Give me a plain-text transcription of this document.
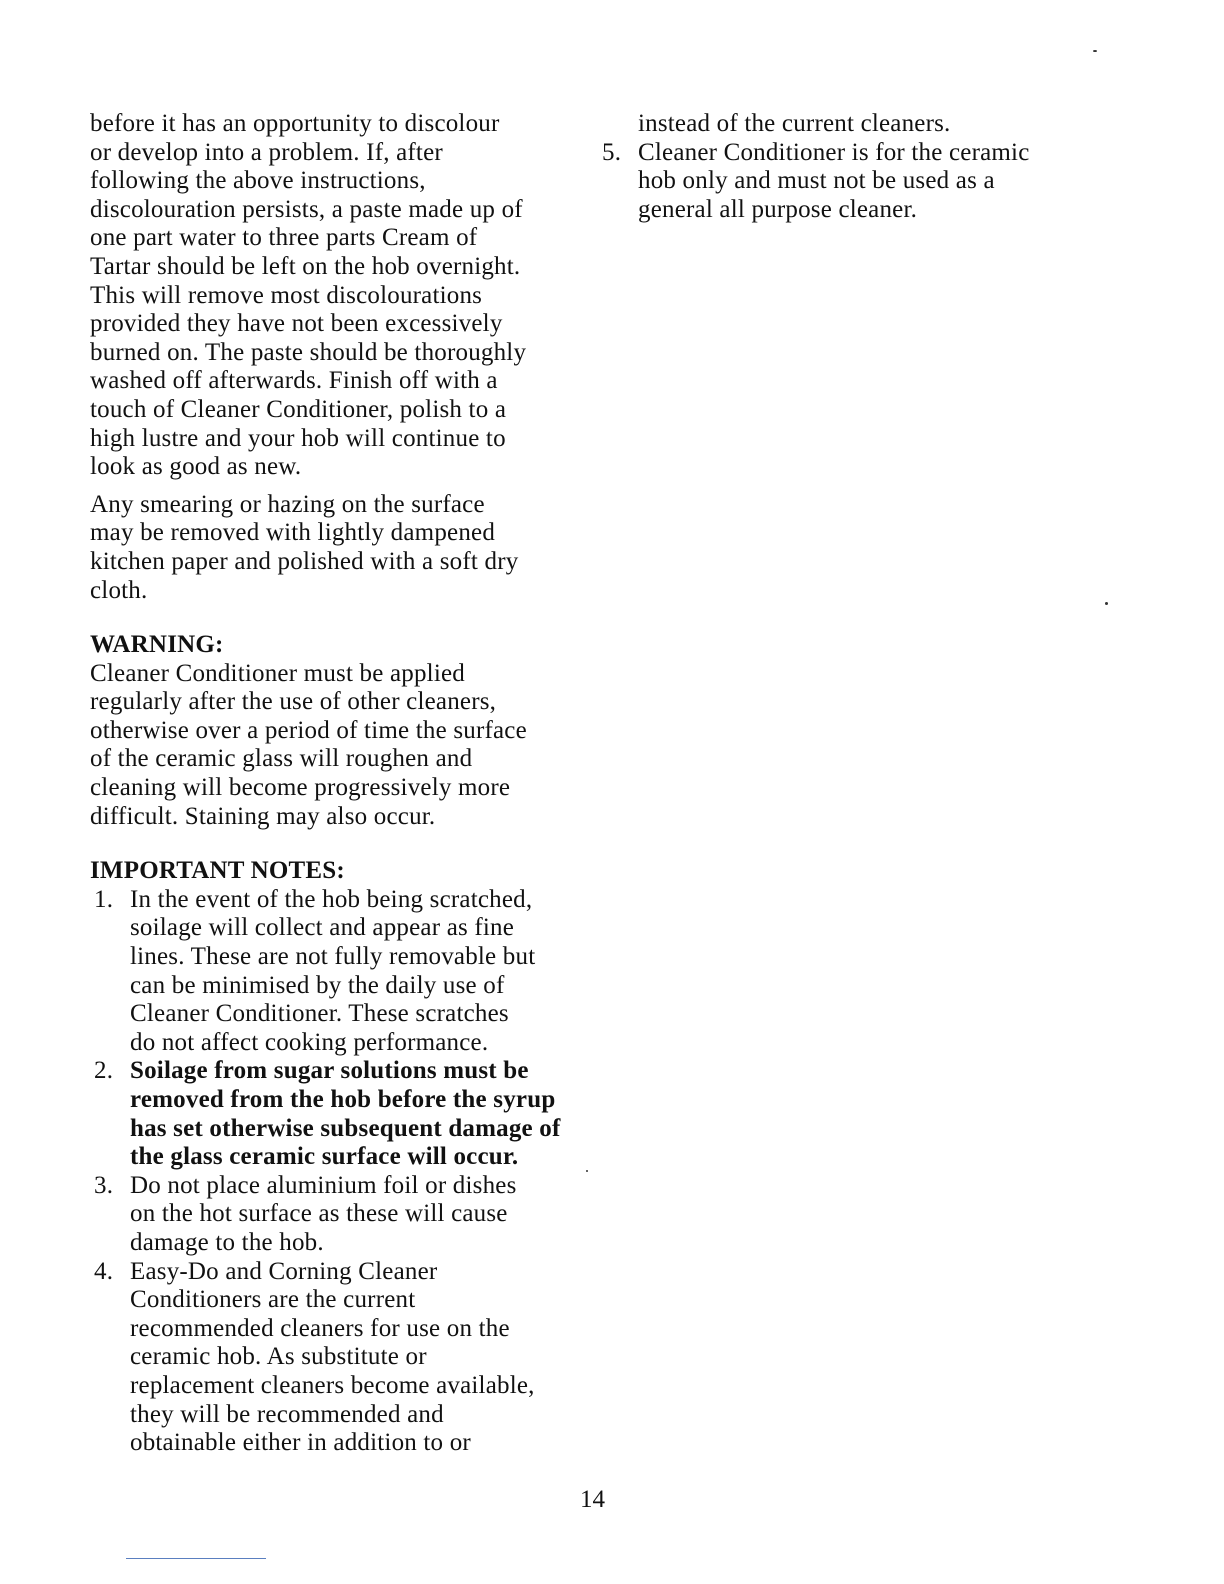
before it has an opportunity to discolour
or develop into a problem. If, after
following the above instructions,
discolouration persists, a paste made up of
one part water to three parts Cream of
Tartar should be left on the hob overnight.
This will remove most discolourations
provided they have not been excessively
burned on. The paste should be thoroughly
washed off afterwards. Finish off with a
touch of Cleaner Conditioner, polish to a
high lustre and your hob will continue to
look as good as new.
Any smearing or hazing on the surface
may be removed with lightly dampened
kitchen paper and polished with a soft dry
cloth.
WARNING:
Cleaner Conditioner must be applied
regularly after the use of other cleaners,
otherwise over a period of time the surface
of the ceramic glass will roughen and
cleaning will become progressively more
difficult. Staining may also occur.
IMPORTANT NOTES:
1. In the event of the hob being scratched,
soilage will collect and appear as fine
lines. These are not fully removable but
can be minimised by the daily use of
Cleaner Conditioner. These scratches
do not affect cooking performance.
2. Soilage from sugar solutions must be
removed from the hob before the syrup
has set otherwise subsequent damage of
the glass ceramic surface will occur.
3. Do not place aluminium foil or dishes
on the hot surface as these will cause
damage to the hob.
4. Easy-Do and Corning Cleaner
Conditioners are the current
recommended cleaners for use on the
ceramic hob. As substitute or
replacement cleaners become available,
they will be recommended and
obtainable either in addition to or
instead of the current cleaners.
5. Cleaner Conditioner is for the ceramic
hob only and must not be used as a
general all purpose cleaner.
14
